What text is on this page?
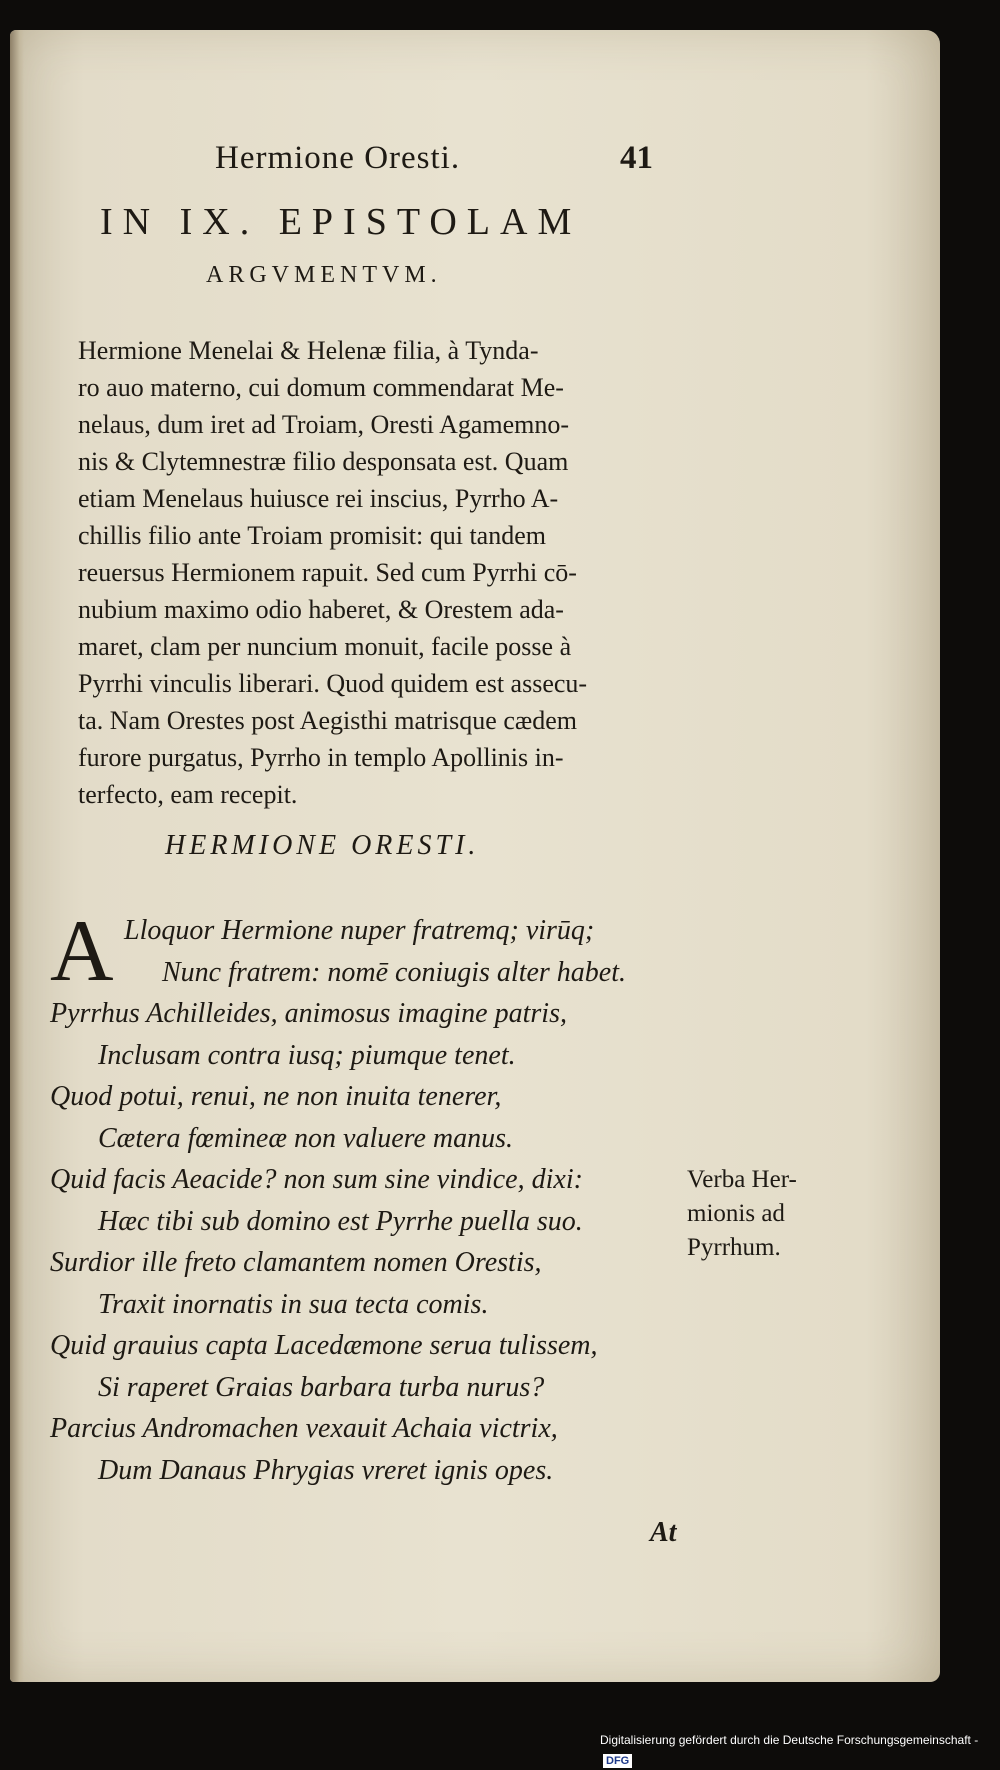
Hermione Oresti.	41
IN IX. EPISTOLAM
ARGVMENTVM.
Hermione Menelai & Helenæ filia, à Tynda-
ro auo materno, cui domum commendarat Me-
nelaus, dum iret ad Troiam, Oresti Agamemno-
nis & Clytemnestræ filio desponsata est. Quam
etiam Menelaus huiusce rei inscius, Pyrrho A-
chillis filio ante Troiam promisit: qui tandem
reuersus Hermionem rapuit. Sed cum Pyrrhi cō-
nubium maximo odio haberet, & Orestem ada-
maret, clam per nuncium monuit, facile posse à
Pyrrhi vinculis liberari. Quod quidem est assecu-
ta. Nam Orestes post Aegisthi matrisque cædem
furore purgatus, Pyrrho in templo Apollinis in-
terfecto, eam recepit.
HERMIONE ORESTI.
A Lloquor Hermione nuper fratremq; virūq;
Nunc fratrem: nomē coniugis alter habet.
Pyrrhus Achilleides, animosus imagine patris,
Inclusam contra iusq; piumque tenet.
Quod potui, renui, ne non inuita tenerer,
Cætera fœmineæ non valuere manus.
Quid facis Aeacide? non sum sine vindice, dixi:
Hæc tibi sub domino est Pyrrhe puella suo.
Surdior ille freto clamantem nomen Orestis,
Traxit inornatis in sua tecta comis.
Quid grauius capta Lacedæmone serua tulissem,
Si raperet Graias barbara turba nurus?
Parcius Andromachen vexauit Achaia victrix,
Dum Danaus Phrygias vreret ignis opes.
Verba Her-
mionis ad
Pyrrhum.
At
Digitalisierung gefördert durch die Deutsche Forschungsgemeinschaft - DFG
